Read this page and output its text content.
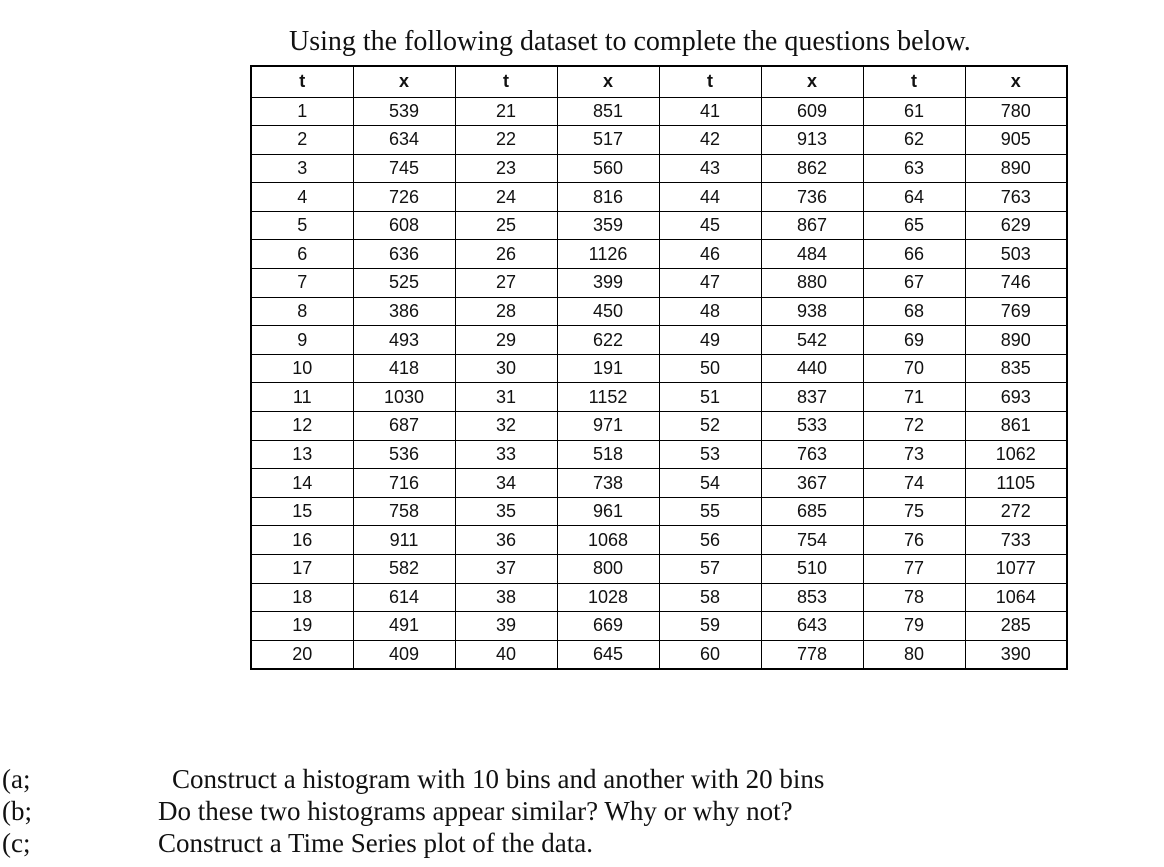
Using the following dataset to complete the questions below.
t	x	t	x	t	x	t	x
1	539	21	851	41	609	61	780
2	634	22	517	42	913	62	905
3	745	23	560	43	862	63	890
4	726	24	816	44	736	64	763
5	608	25	359	45	867	65	629
6	636	26	1126	46	484	66	503
7	525	27	399	47	880	67	746
8	386	28	450	48	938	68	769
9	493	29	622	49	542	69	890
10	418	30	191	50	440	70	835
11	1030	31	1152	51	837	71	693
12	687	32	971	52	533	72	861
13	536	33	518	53	763	73	1062
14	716	34	738	54	367	74	1105
15	758	35	961	55	685	75	272
16	911	36	1068	56	754	76	733
17	582	37	800	57	510	77	1077
18	614	38	1028	58	853	78	1064
19	491	39	669	59	643	79	285
20	409	40	645	60	778	80	390
(a;	Construct a histogram with 10 bins and another with 20 bins
(b;	Do these two histograms appear similar? Why or why not?
(c;	Construct a Time Series plot of the data.
